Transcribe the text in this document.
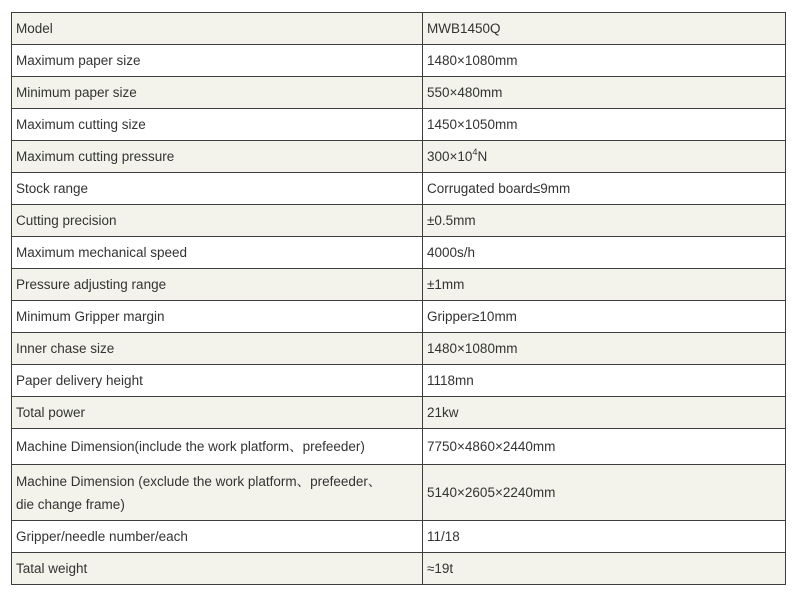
Model	MWB1450Q
Maximum paper size	1480×1080mm
Minimum paper size	550×480mm
Maximum cutting size	1450×1050mm
Maximum cutting pressure	$300\times 10^4N$
Stock range	Corrugated board≤9mm
Cutting precision	±0.5mm
Maximum mechanical speed	4000s/h
Pressure adjusting range	±1mm
Minimum Gripper margin	Gripper≥10mm
Inner chase size	1480×1080mm
Paper delivery height	1118mn
Total power	21kw
Machine Dimension(include the work platform、prefeeder)	7750×4860×2440mm

Machine Dimension (exclude the work platform、prefeeder、
die change frame)	5140×2605×2240mm
Gripper/needle number/each	11/18
Tatal weight	≈19t
